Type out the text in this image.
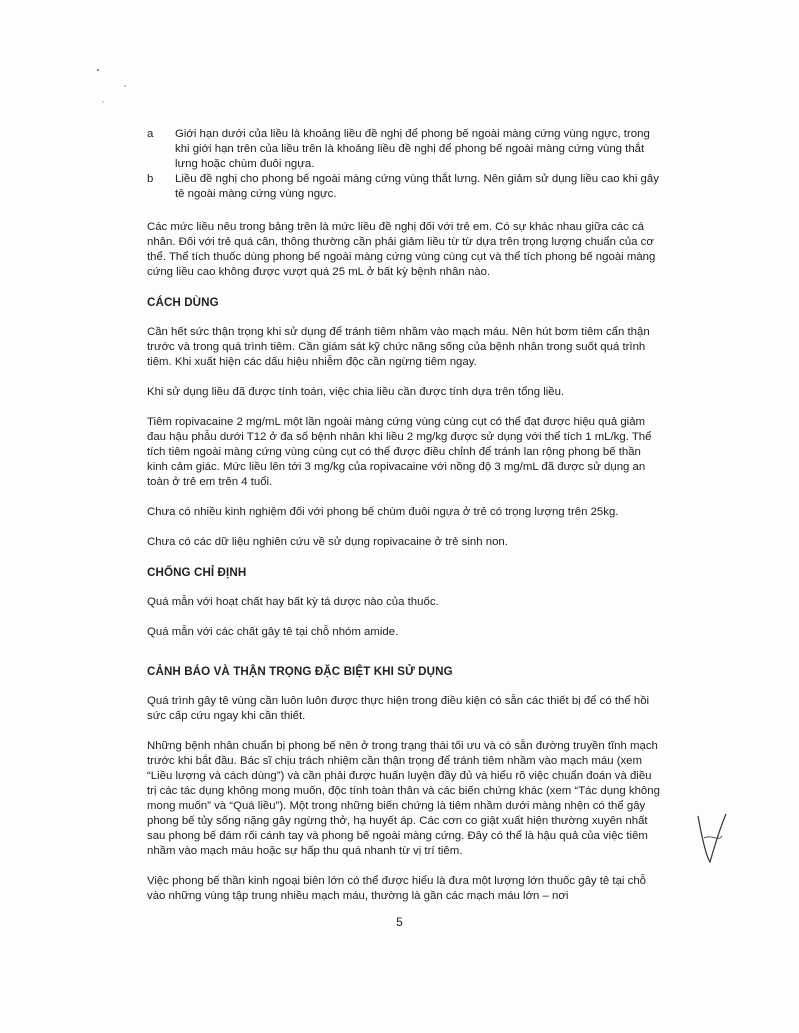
a	Giới hạn dưới của liều là khoảng liều đề nghị để phong bế ngoài màng cứng vùng ngực, trong khi giới hạn trên của liều trên là khoảng liều đề nghị để phong bế ngoài màng cứng vùng thắt lưng hoặc chùm đuôi ngựa.
b	Liều đề nghị cho phong bế ngoài màng cứng vùng thắt lưng. Nên giảm sử dụng liều cao khi gây tê ngoài màng cứng vùng ngực.

Các mức liều nêu trong bảng trên là mức liều đề nghị đối với trẻ em. Có sự khác nhau giữa các cá nhân. Đối với trẻ quá cân, thông thường cần phải giảm liều từ từ dựa trên trọng lượng chuẩn của cơ thể. Thể tích thuốc dùng phong bế ngoài màng cứng vùng cùng cụt và thể tích phong bế ngoài màng cứng liều cao không được vượt quá 25 mL ở bất kỳ bệnh nhân nào.

CÁCH DÙNG

Cần hết sức thận trọng khi sử dụng để tránh tiêm nhầm vào mạch máu. Nên hút bơm tiêm cẩn thận trước và trong quá trình tiêm. Cần giám sát kỹ chức năng sống của bệnh nhân trong suốt quá trình tiêm. Khi xuất hiện các dấu hiệu nhiễm độc cần ngừng tiêm ngay.

Khi sử dụng liều đã được tính toán, việc chia liều cần được tính dựa trên tổng liều.

Tiêm ropivacaine 2 mg/mL một lần ngoài màng cứng vùng cùng cụt có thể đạt được hiệu quả giảm đau hậu phẫu dưới T12 ở đa số bệnh nhân khi liều 2 mg/kg được sử dụng với thể tích 1 mL/kg. Thể tích tiêm ngoài màng cứng vùng cùng cụt có thể được điều chỉnh để tránh lan rộng phong bế thần kinh cảm giác. Mức liều lên tới 3 mg/kg của ropivacaine với nồng độ 3 mg/mL đã được sử dụng an toàn ở trẻ em trên 4 tuổi.

Chưa có nhiều kinh nghiệm đối với phong bế chùm đuôi ngựa ở trẻ có trọng lượng trên 25kg.

Chưa có các dữ liệu nghiên cứu về sử dụng ropivacaine ở trẻ sinh non.

CHỐNG CHỈ ĐỊNH

Quá mẫn với hoạt chất hay bất kỳ tá dược nào của thuốc.

Quá mẫn với các chất gây tê tại chỗ nhóm amide.

CẢNH BÁO VÀ THẬN TRỌNG ĐẶC BIỆT KHI SỬ DỤNG

Quá trình gây tê vùng cần luôn luôn được thực hiện trong điều kiện có sẵn các thiết bị để có thể hồi sức cấp cứu ngay khi cần thiết.

Những bệnh nhân chuẩn bị phong bế nên ở trong trạng thái tối ưu và có sẵn đường truyền tĩnh mạch trước khi bắt đầu. Bác sĩ chịu trách nhiệm cần thận trọng để tránh tiêm nhầm vào mạch máu (xem “Liều lượng và cách dùng”) và cần phải được huấn luyện đầy đủ và hiểu rõ việc chuẩn đoán và điều trị các tác dụng không mong muốn, độc tính toàn thân và các biến chứng khác (xem “Tác dụng không mong muốn” và “Quá liều”). Một trong những biến chứng là tiêm nhầm dưới màng nhện có thể gây phong bế tủy sống nặng gây ngừng thở, hạ huyết áp. Các cơn co giật xuất hiện thường xuyên nhất sau phong bế đám rối cánh tay và phong bế ngoài màng cứng. Đây có thể là hậu quả của việc tiêm nhầm vào mạch máu hoặc sự hấp thu quá nhanh từ vị trí tiêm.

Việc phong bế thần kinh ngoại biên lớn có thể được hiểu là đưa một lượng lớn thuốc gây tê tại chỗ vào những vùng tập trung nhiều mạch máu, thường là gần các mạch máu lớn – nơi

5
